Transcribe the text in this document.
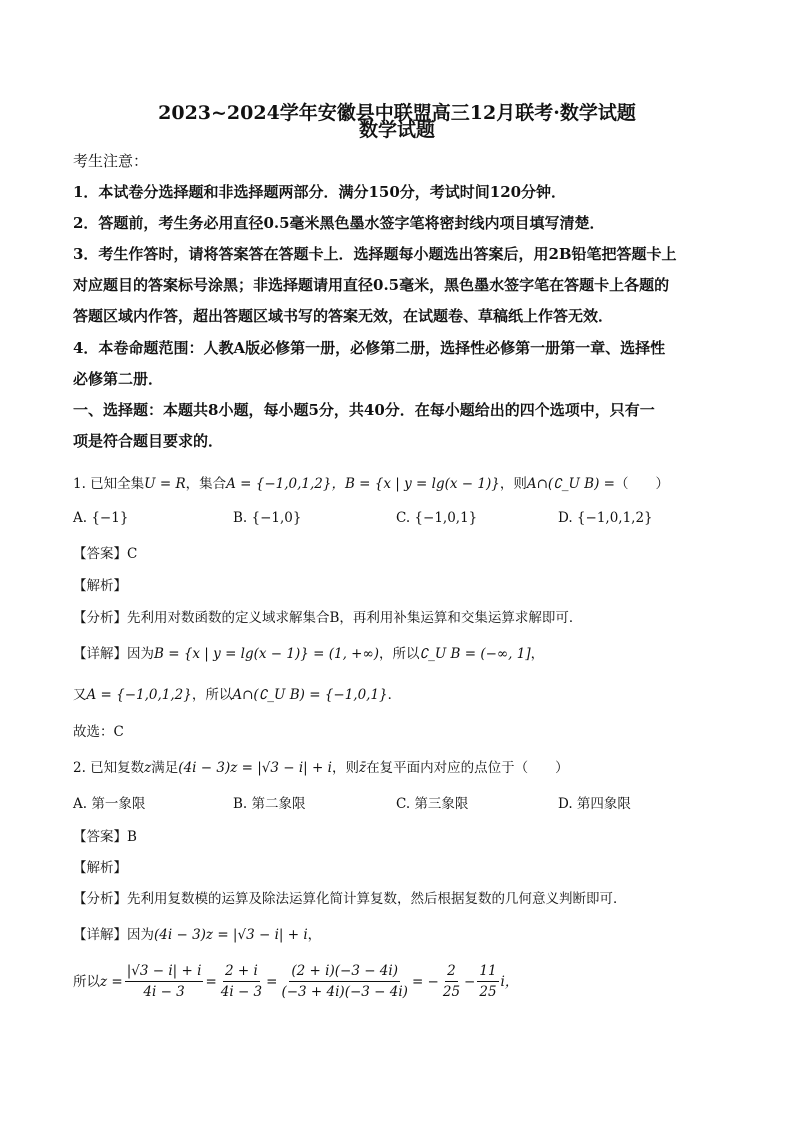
2023~2024学年安徽县中联盟高三12月联考·数学试题
数学试题
考生注意：
1．本试卷分选择题和非选择题两部分．满分150分，考试时间120分钟．
2．答题前，考生务必用直径0.5毫米黑色墨水签字笔将密封线内项目填写清楚．
3．考生作答时，请将答案答在答题卡上．选择题每小题选出答案后，用2B铅笔把答题卡上
对应题目的答案标号涂黑；非选择题请用直径0.5毫米，黑色墨水签字笔在答题卡上各题的
答题区域内作答，超出答题区域书写的答案无效，在试题卷、草稿纸上作答无效．
4．本卷命题范围：人教A版必修第一册，必修第二册，选择性必修第一册第一章、选择性
必修第二册．
一、选择题：本题共8小题，每小题5分，共40分．在每小题给出的四个选项中，只有一
项是符合题目要求的．
1. 已知全集U = R，集合A = {−1,0,1,2}，B = {x | y = lg(x − 1)}，则A∩(∁_U B) =（　　）
A. {−1}	B. {−1,0}	C. {−1,0,1}	D. {−1,0,1,2}
【答案】C
【解析】
【分析】先利用对数函数的定义域求解集合B，再利用补集运算和交集运算求解即可．
【详解】因为B = {x | y = lg(x − 1)} = (1, +∞)，所以∁_U B = (−∞, 1]，
又A = {−1,0,1,2}，所以A∩(∁_U B) = {−1,0,1}．
故选：C
2. 已知复数z满足(4i − 3)z = |√3 − i| + i，则z̄在复平面内对应的点位于（　　）
A. 第一象限	B. 第二象限	C. 第三象限	D. 第四象限
【答案】B
【解析】
【分析】先利用复数模的运算及除法运算化简计算复数，然后根据复数的几何意义判断即可．
【详解】因为(4i − 3)z = |√3 − i| + i，
所以 $z = \frac{|√3 - i| + i}{4i - 3} = \frac{2 + i}{4i - 3} = \frac{(2 + i)(-3 - 4i)}{(-3 + 4i)(-3 - 4i)}$ = − $\frac{2}{25} - \frac{11}{25}$ i，
